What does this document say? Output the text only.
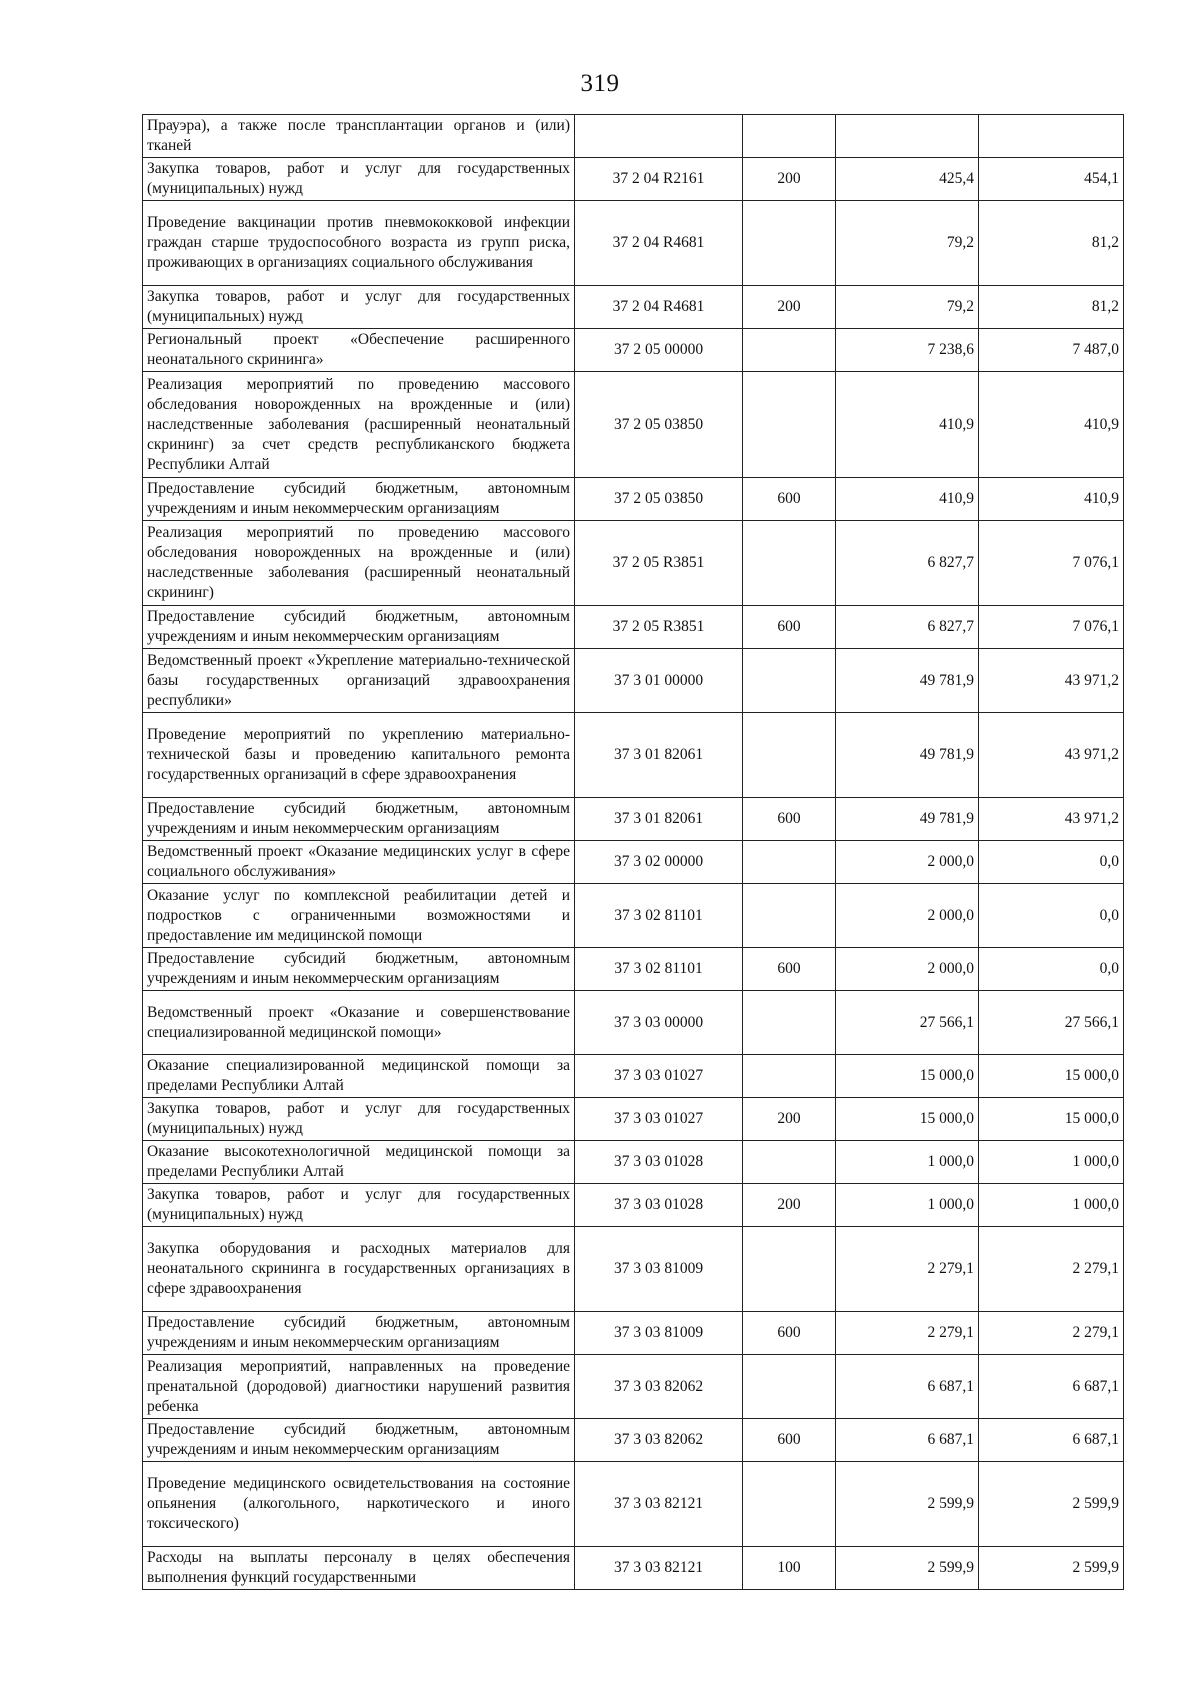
319
Прауэра), а также после трансплантации органов и (или) тканей				
Закупка товаров, работ и услуг для государственных (муниципальных) нужд	37 2 04 R2161	200	425,4	454,1
Проведение вакцинации против пневмококковой инфекции граждан старше трудоспособного возраста из групп риска, проживающих в организациях социального обслуживания	37 2 04 R4681		79,2	81,2
Закупка товаров, работ и услуг для государственных (муниципальных) нужд	37 2 04 R4681	200	79,2	81,2
Региональный проект «Обеспечение расширенного неонатального скрининга»	37 2 05 00000		7 238,6	7 487,0
Реализация мероприятий по проведению массового обследования новорожденных на врожденные и (или) наследственные заболевания (расширенный неонатальный скрининг) за счет средств республиканского бюджета Республики Алтай	37 2 05 03850		410,9	410,9
Предоставление субсидий бюджетным, автономным учреждениям и иным некоммерческим организациям	37 2 05 03850	600	410,9	410,9
Реализация мероприятий по проведению массового обследования новорожденных на врожденные и (или) наследственные заболевания (расширенный неонатальный скрининг)	37 2 05 R3851		6 827,7	7 076,1
Предоставление субсидий бюджетным, автономным учреждениям и иным некоммерческим организациям	37 2 05 R3851	600	6 827,7	7 076,1
Ведомственный проект «Укрепление материально-технической базы государственных организаций здравоохранения республики»	37 3 01 00000		49 781,9	43 971,2
Проведение мероприятий по укреплению материально-технической базы и проведению капитального ремонта государственных организаций в сфере здравоохранения	37 3 01 82061		49 781,9	43 971,2
Предоставление субсидий бюджетным, автономным учреждениям и иным некоммерческим организациям	37 3 01 82061	600	49 781,9	43 971,2
Ведомственный проект «Оказание медицинских услуг в сфере социального обслуживания»	37 3 02 00000		2 000,0	0,0
Оказание услуг по комплексной реабилитации детей и подростков с ограниченными возможностями и предоставление им медицинской помощи	37 3 02 81101		2 000,0	0,0
Предоставление субсидий бюджетным, автономным учреждениям и иным некоммерческим организациям	37 3 02 81101	600	2 000,0	0,0
Ведомственный проект «Оказание и совершенствование специализированной медицинской помощи»	37 3 03 00000		27 566,1	27 566,1
Оказание специализированной медицинской помощи за пределами Республики Алтай	37 3 03 01027		15 000,0	15 000,0
Закупка товаров, работ и услуг для государственных (муниципальных) нужд	37 3 03 01027	200	15 000,0	15 000,0
Оказание высокотехнологичной медицинской помощи за пределами Республики Алтай	37 3 03 01028		1 000,0	1 000,0
Закупка товаров, работ и услуг для государственных (муниципальных) нужд	37 3 03 01028	200	1 000,0	1 000,0
Закупка оборудования и расходных материалов для неонатального скрининга в государственных организациях в сфере здравоохранения	37 3 03 81009		2 279,1	2 279,1
Предоставление субсидий бюджетным, автономным учреждениям и иным некоммерческим организациям	37 3 03 81009	600	2 279,1	2 279,1
Реализация мероприятий, направленных на проведение пренатальной (дородовой) диагностики нарушений развития ребенка	37 3 03 82062		6 687,1	6 687,1
Предоставление субсидий бюджетным, автономным учреждениям и иным некоммерческим организациям	37 3 03 82062	600	6 687,1	6 687,1
Проведение медицинского освидетельствования на состояние опьянения (алкогольного, наркотического и иного токсического)	37 3 03 82121		2 599,9	2 599,9
Расходы на выплаты персоналу в целях обеспечения выполнения функций государственными	37 3 03 82121	100	2 599,9	2 599,9
